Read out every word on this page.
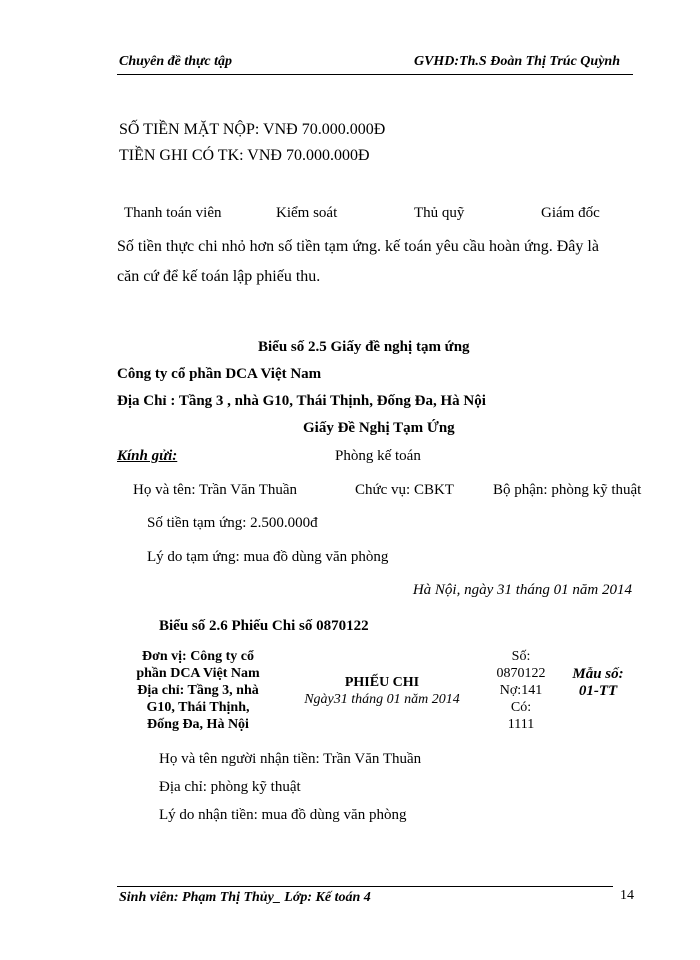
Chuyên đề thực tập	GVHD:Th.S Đoàn Thị Trúc Quỳnh
SỐ TIỀN MẶT NỘP: VNĐ 70.000.000Đ
TIỀN GHI CÓ TK: VNĐ 70.000.000Đ
Thanh toán viên	Kiểm soát	Thủ quỹ	Giám đốc
Số tiền thực chi nhỏ hơn số tiền tạm ứng. kế toán yêu cầu hoàn ứng. Đây là
căn cứ để kế toán lập phiếu thu.
Biểu số 2.5 Giấy đề nghị tạm ứng
Công ty cổ phần DCA Việt Nam
Địa Chỉ : Tầng 3 , nhà G10, Thái Thịnh, Đống Đa, Hà Nội
Giấy Đề Nghị Tạm Ứng
Kính gửi:	Phòng kế toán
Họ và tên: Trần Văn Thuần	Chức vụ: CBKT	Bộ phận: phòng kỹ thuật
Số tiền tạm ứng: 2.500.000đ
Lý do tạm ứng: mua đồ dùng văn phòng
Hà Nội, ngày 31 tháng 01 năm 2014
Biểu số 2.6 Phiếu Chi số 0870122
Đơn vị: Công ty cổ
phần DCA Việt Nam
Địa chỉ: Tầng 3, nhà
G10, Thái Thịnh,
Đống Đa, Hà Nội
PHIẾU CHI
Ngày31 tháng 01 năm 2014
Số:
0870122
Nợ:141
Có:
1111
Mẫu số:
01-TT
Họ và tên người nhận tiền: Trần Văn Thuần
Địa chỉ: phòng kỹ thuật
Lý do nhận tiền: mua đồ dùng văn phòng
Sinh viên: Phạm Thị Thủy_ Lớp: Kế toán 4	14
